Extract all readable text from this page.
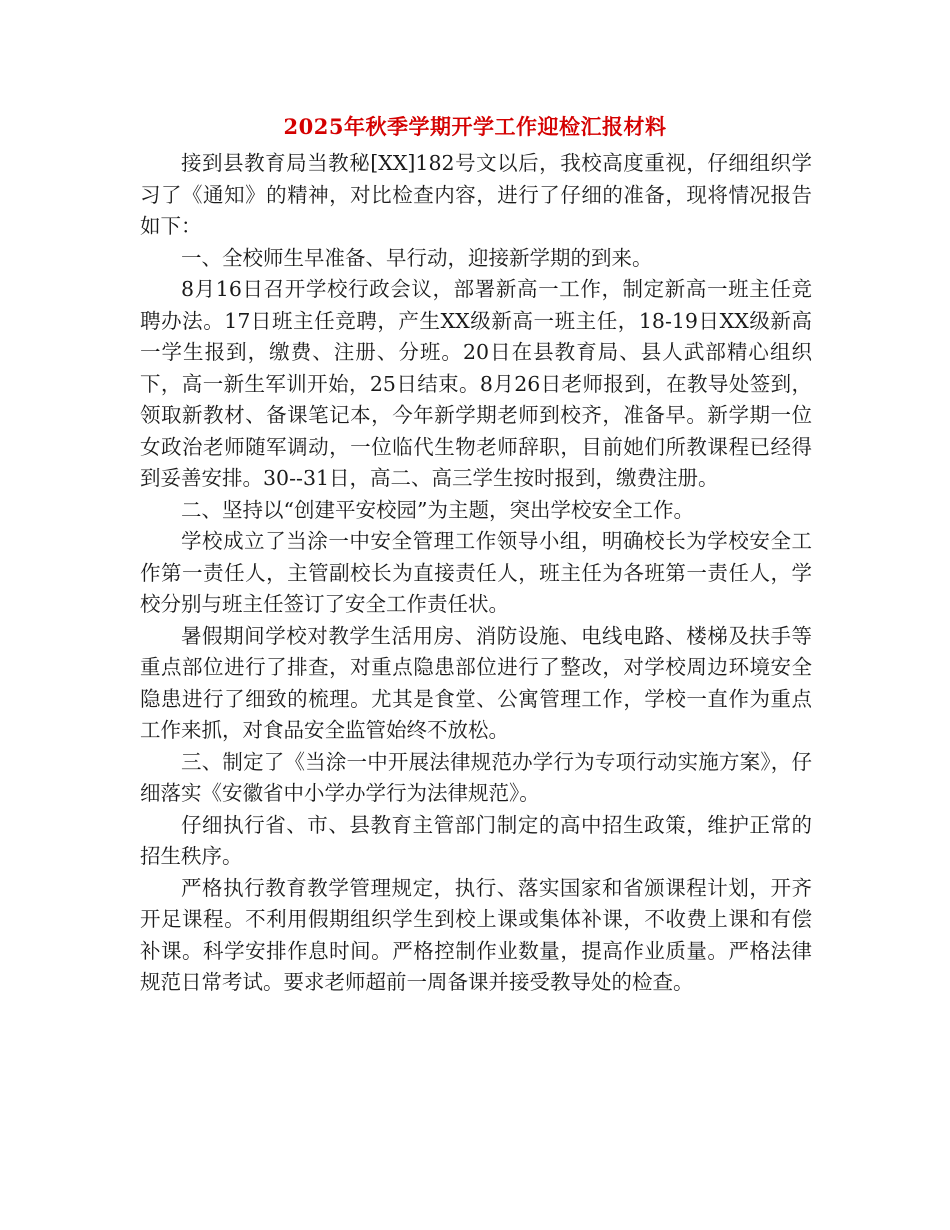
2025年秋季学期开学工作迎检汇报材料

接到县教育局当教秘[XX]182号文以后，我校高度重视，仔细组织学习了《通知》的精神，对比检查内容，进行了仔细的准备，现将情况报告如下：

一、全校师生早准备、早行动，迎接新学期的到来。

8月16日召开学校行政会议，部署新高一工作，制定新高一班主任竞聘办法。17日班主任竞聘，产生XX级新高一班主任，18-19日XX级新高一学生报到，缴费、注册、分班。20日在县教育局、县人武部精心组织下，高一新生军训开始，25日结束。8月26日老师报到，在教导处签到，领取新教材、备课笔记本，今年新学期老师到校齐，准备早。新学期一位女政治老师随军调动，一位临代生物老师辞职，目前她们所教课程已经得到妥善安排。30--31日，高二、高三学生按时报到，缴费注册。

二、坚持以“创建平安校园”为主题，突出学校安全工作。

学校成立了当涂一中安全管理工作领导小组，明确校长为学校安全工作第一责任人，主管副校长为直接责任人，班主任为各班第一责任人，学校分别与班主任签订了安全工作责任状。

暑假期间学校对教学生活用房、消防设施、电线电路、楼梯及扶手等重点部位进行了排查，对重点隐患部位进行了整改，对学校周边环境安全隐患进行了细致的梳理。尤其是食堂、公寓管理工作，学校一直作为重点工作来抓，对食品安全监管始终不放松。

三、制定了《当涂一中开展法律规范办学行为专项行动实施方案》，仔细落实《安徽省中小学办学行为法律规范》。

仔细执行省、市、县教育主管部门制定的高中招生政策，维护正常的招生秩序。

严格执行教育教学管理规定，执行、落实国家和省颁课程计划，开齐开足课程。不利用假期组织学生到校上课或集体补课，不收费上课和有偿补课。科学安排作息时间。严格控制作业数量，提高作业质量。严格法律规范日常考试。要求老师超前一周备课并接受教导处的检查。
